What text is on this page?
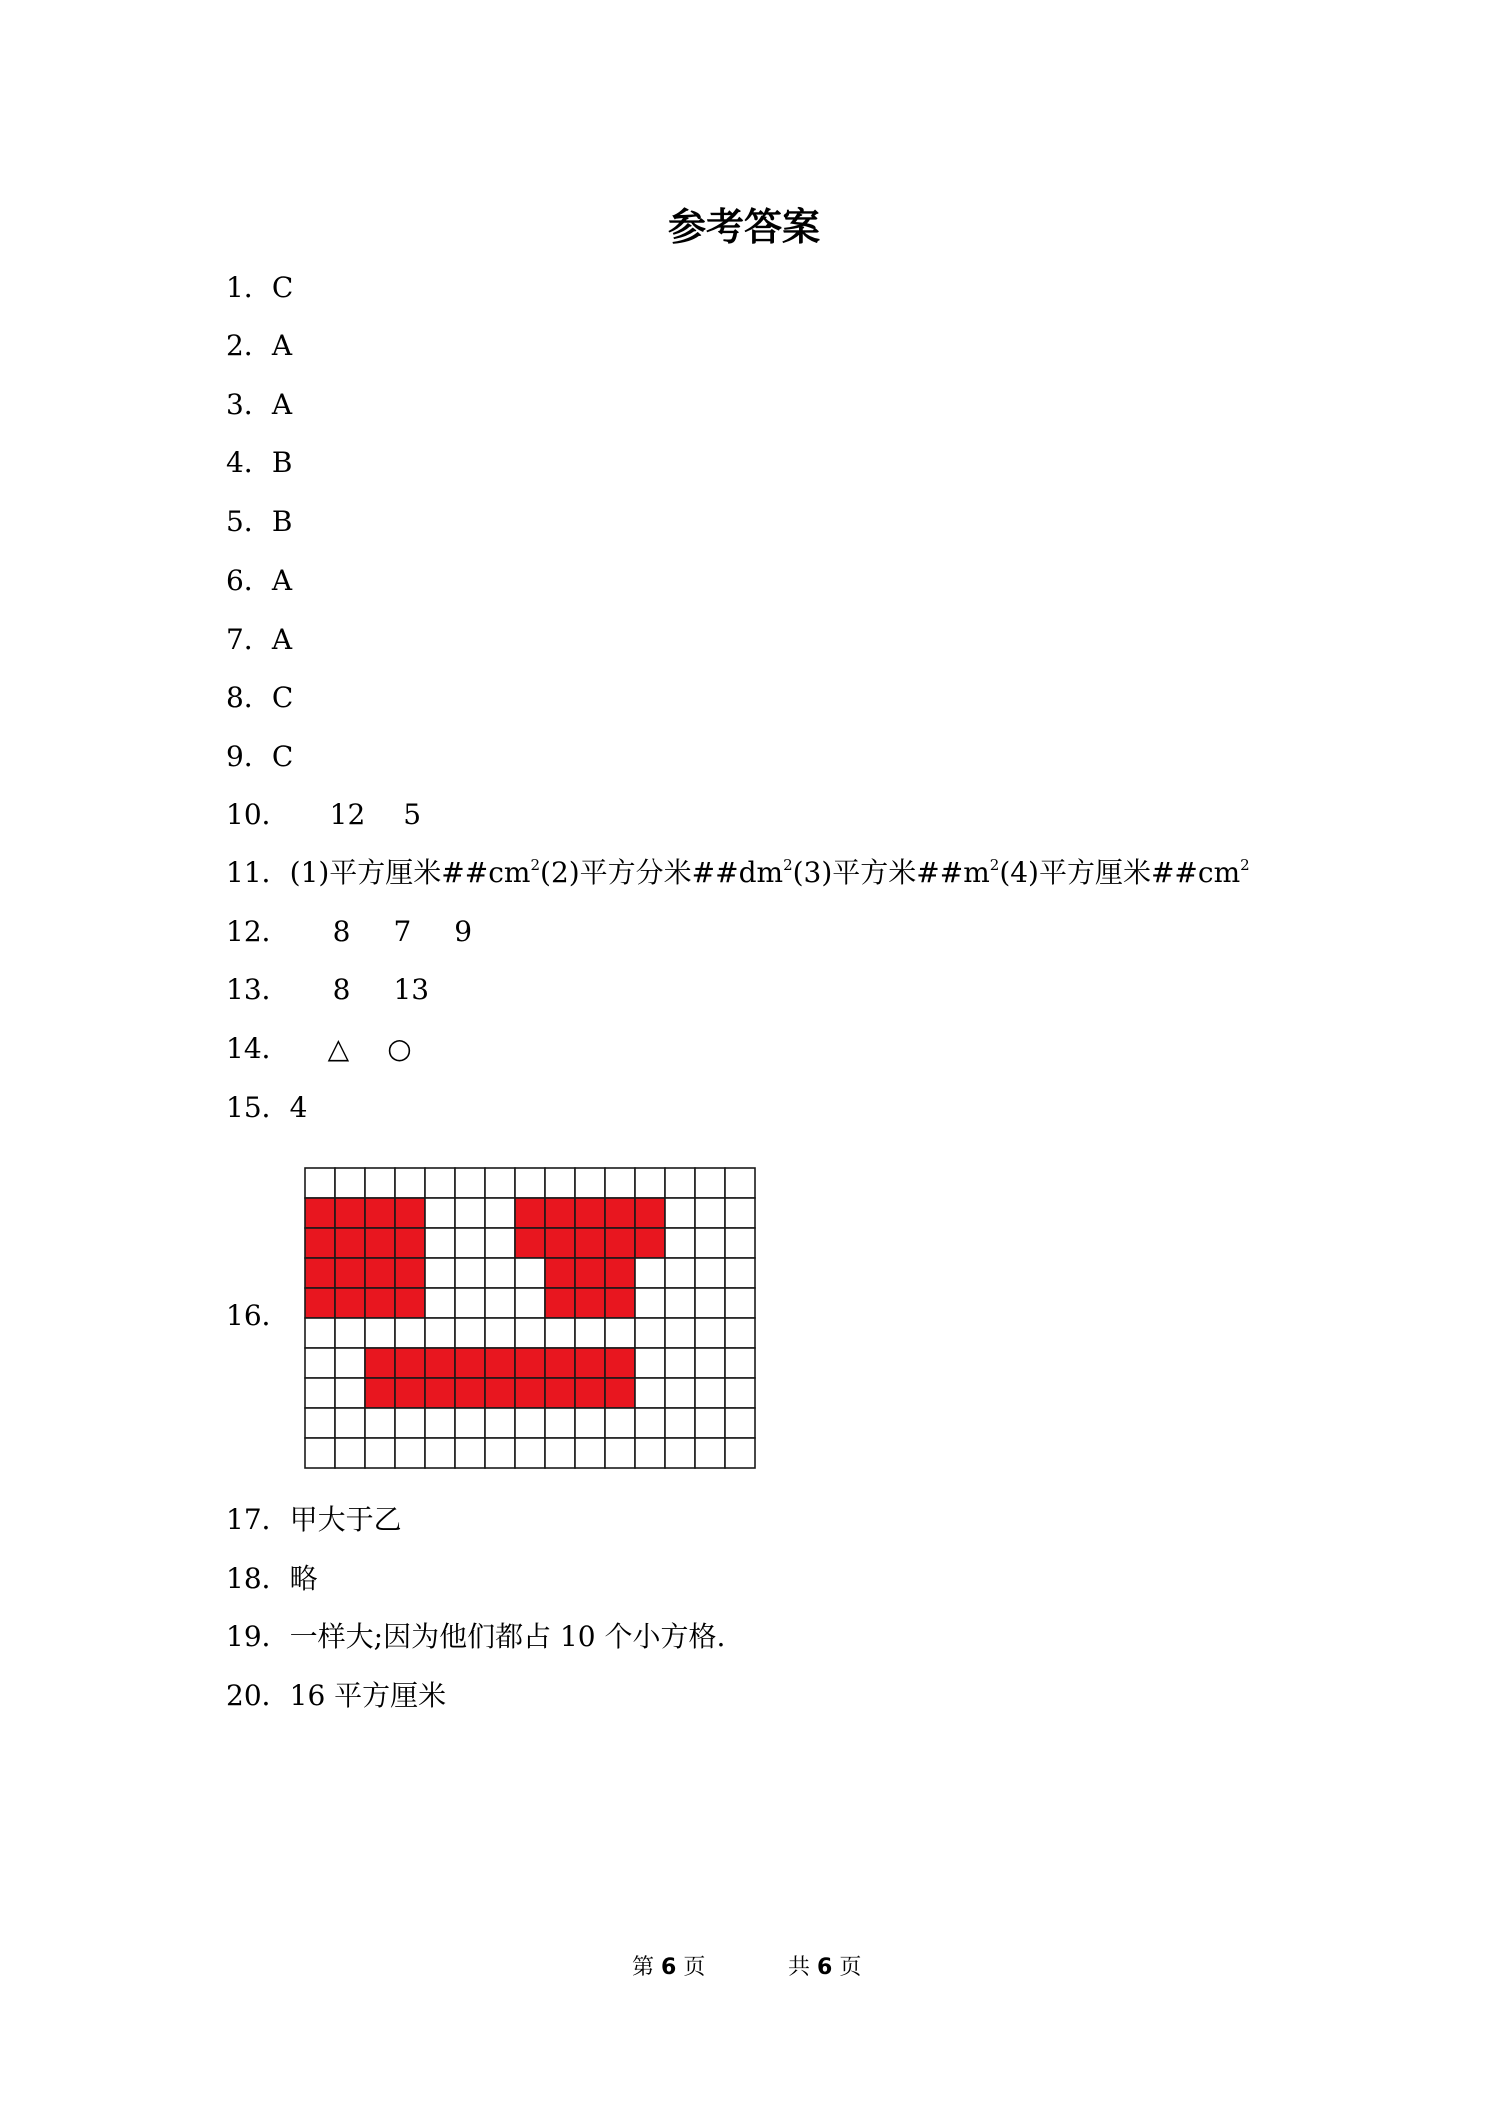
参考答案
1．C
2．A
3．A
4．B
5．B
6．A
7．A
8．C
9．C
10． 12 5
11．(1)平方厘米$\#\#cm^2(2)$平方分米$\#\#dm^2(3)$平方米$\#\#m^2(4)$平方厘米$\#\#cm^2$
12． 8 7 9
13． 8 13
14． △ ○
15．4
16．
17．甲大于乙
18．略
19．一样大;因为他们都占 10 个小方格.
20．16 平方厘米
第 6 页	共 6 页
